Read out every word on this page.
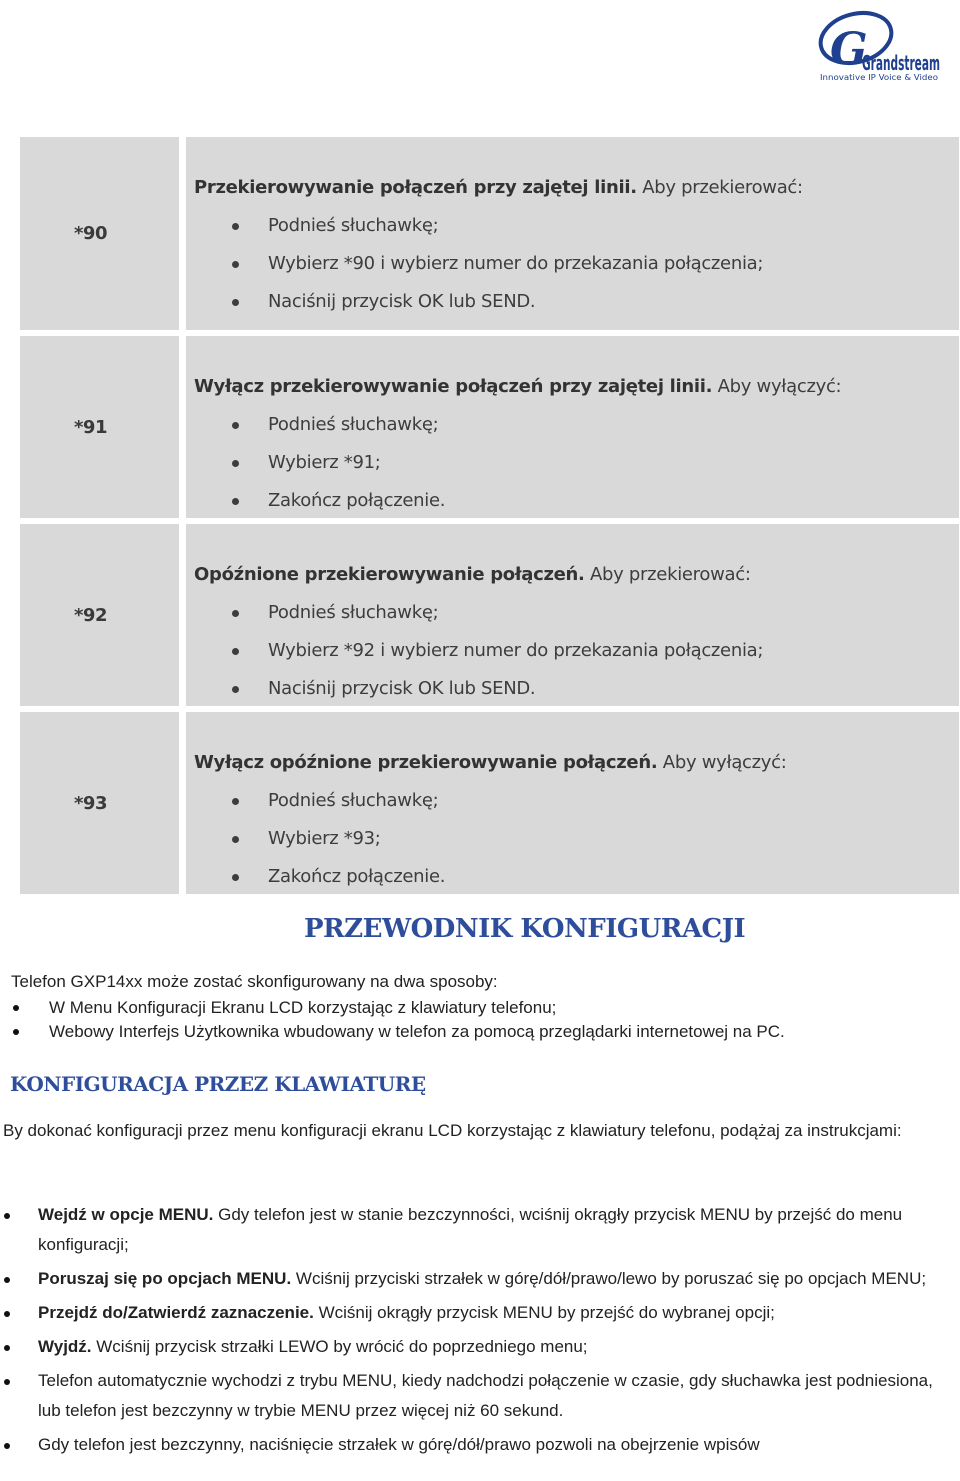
G
Grandstream
Innovative IP Voice & Video
*90
Przekierowywanie połączeń przy zajętej linii. Aby przekierować:
Podnieś słuchawkę;
Wybierz *90 i wybierz numer do przekazania połączenia;
Naciśnij przycisk OK lub SEND.
*91
Wyłącz przekierowywanie połączeń przy zajętej linii. Aby wyłączyć:
Podnieś słuchawkę;
Wybierz *91;
Zakończ połączenie.
*92
Opóźnione przekierowywanie połączeń. Aby przekierować:
Podnieś słuchawkę;
Wybierz *92 i wybierz numer do przekazania połączenia;
Naciśnij przycisk OK lub SEND.
*93
Wyłącz opóźnione przekierowywanie połączeń. Aby wyłączyć:
Podnieś słuchawkę;
Wybierz *93;
Zakończ połączenie.
PRZEWODNIK KONFIGURACJI
Telefon GXP14xx może zostać skonfigurowany na dwa sposoby:
W Menu Konfiguracji Ekranu LCD korzystając z klawiatury telefonu;
Webowy Interfejs Użytkownika wbudowany w telefon za pomocą przeglądarki internetowej na PC.
KONFIGURACJA PRZEZ KLAWIATURĘ
By dokonać konfiguracji przez menu konfiguracji ekranu LCD korzystając z klawiatury telefonu, podążaj za instrukcjami:
Wejdź w opcje MENU. Gdy telefon jest w stanie bezczynności, wciśnij okrągły przycisk MENU by przejść do menu konfiguracji;
Poruszaj się po opcjach MENU. Wciśnij przyciski strzałek w górę/dół/prawo/lewo by poruszać się po opcjach MENU;
Przejdź do/Zatwierdź zaznaczenie. Wciśnij okrągły przycisk MENU by przejść do wybranej opcji;
Wyjdź. Wciśnij przycisk strzałki LEWO by wrócić do poprzedniego menu;
Telefon automatycznie wychodzi z trybu MENU, kiedy nadchodzi połączenie w czasie, gdy słuchawka jest podniesiona, lub telefon jest bezczynny w trybie MENU przez więcej niż 60 sekund.
Gdy telefon jest bezczynny, naciśnięcie strzałek w górę/dół/prawo pozwoli na obejrzenie wpisów
